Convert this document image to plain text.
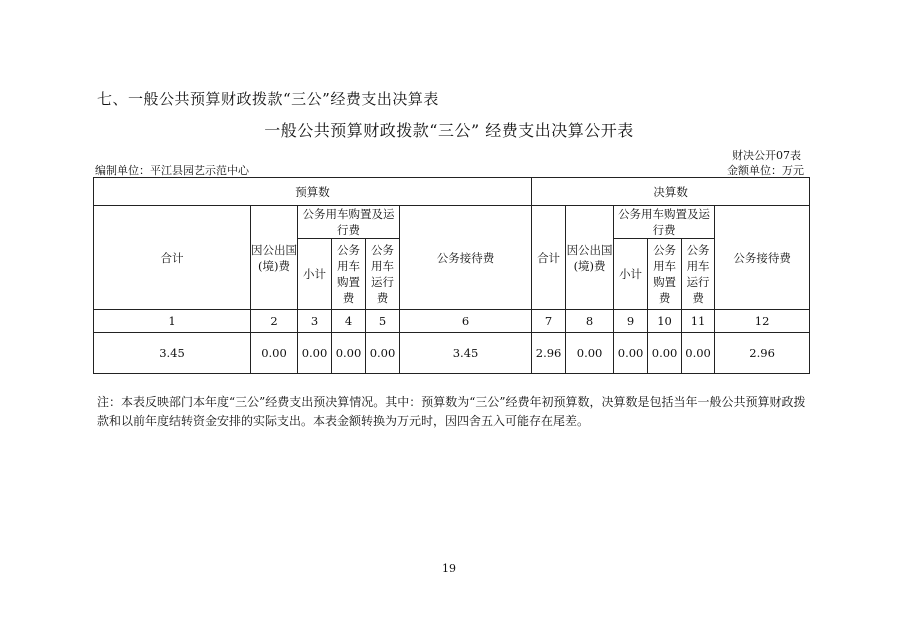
七、一般公共预算财政拨款“三公”经费支出决算表
一般公共预算财政拨款“三公” 经费支出决算公开表
财决公开07表
编制单位：平江县园艺示范中心	金额单位：万元
预算数						决算数					
合计	因公出国(境)费	公务用车购置及运行费			公务接待费	合计	因公出国(境)费	公务用车购置及运行费			公务接待费
		小计	公务用车购置费	公务用车运行费				小计	公务用车购置费	公务用车运行费	
1	2	3	4	5	6	7	8	9	10	11	12
3.45	0.00	0.00	0.00	0.00	3.45	2.96	0.00	0.00	0.00	0.00	2.96
注：本表反映部门本年度“三公”经费支出预决算情况。其中：预算数为“三公”经费年初预算数，决算数是包括当年一般公共预算财政拨款和以前年度结转资金安排的实际支出。本表金额转换为万元时，因四舍五入可能存在尾差。
19
